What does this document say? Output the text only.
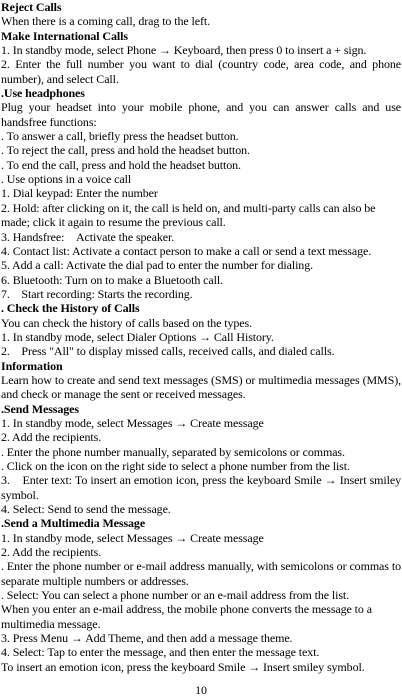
Reject Calls

When there is a coming call, drag to the left.

Make International Calls

1. In standby mode, select Phone → Keyboard, then press 0 to insert a + sign.

2. Enter the full number you want to dial (country code, area code, and phone number), and select Call.

.Use headphones

Plug your headset into your mobile phone, and you can answer calls and use handsfree functions:

. To answer a call, briefly press the headset button.

. To reject the call, press and hold the headset button.

. To end the call, press and hold the headset button.

. Use options in a voice call

1. Dial keypad: Enter the number

2. Hold: after clicking on it, the call is held on, and multi-party calls can also be made; click it again to resume the previous call.

3. Handsfree:    Activate the speaker.

4. Contact list: Activate a contact person to make a call or send a text message.

5. Add a call: Activate the dial pad to enter the number for dialing.

6. Bluetooth: Turn on to make a Bluetooth call.

7.    Start recording: Starts the recording.

. Check the History of Calls

You can check the history of calls based on the types.

1. In standby mode, select Dialer Options → Call History.

2.    Press "All" to display missed calls, received calls, and dialed calls.

Information

Learn how to create and send text messages (SMS) or multimedia messages (MMS), and check or manage the sent or received messages.

.Send Messages

1. In standby mode, select Messages → Create message

2. Add the recipients.

. Enter the phone number manually, separated by semicolons or commas.

. Click on the icon on the right side to select a phone number from the list.

3.    Enter text: To insert an emotion icon, press the keyboard Smile → Insert smiley symbol.

4. Select: Send to send the message.

.Send a Multimedia Message

1. In standby mode, select Messages → Create message

2. Add the recipients.

. Enter the phone number or e-mail address manually, with semicolons or commas to separate multiple numbers or addresses.

. Select: You can select a phone number or an e-mail address from the list.

When you enter an e-mail address, the mobile phone converts the message to a multimedia message.

3. Press Menu → Add Theme, and then add a message theme.

4. Select: Tap to enter the message, and then enter the message text.

To insert an emotion icon, press the keyboard Smile → Insert smiley symbol.

10
